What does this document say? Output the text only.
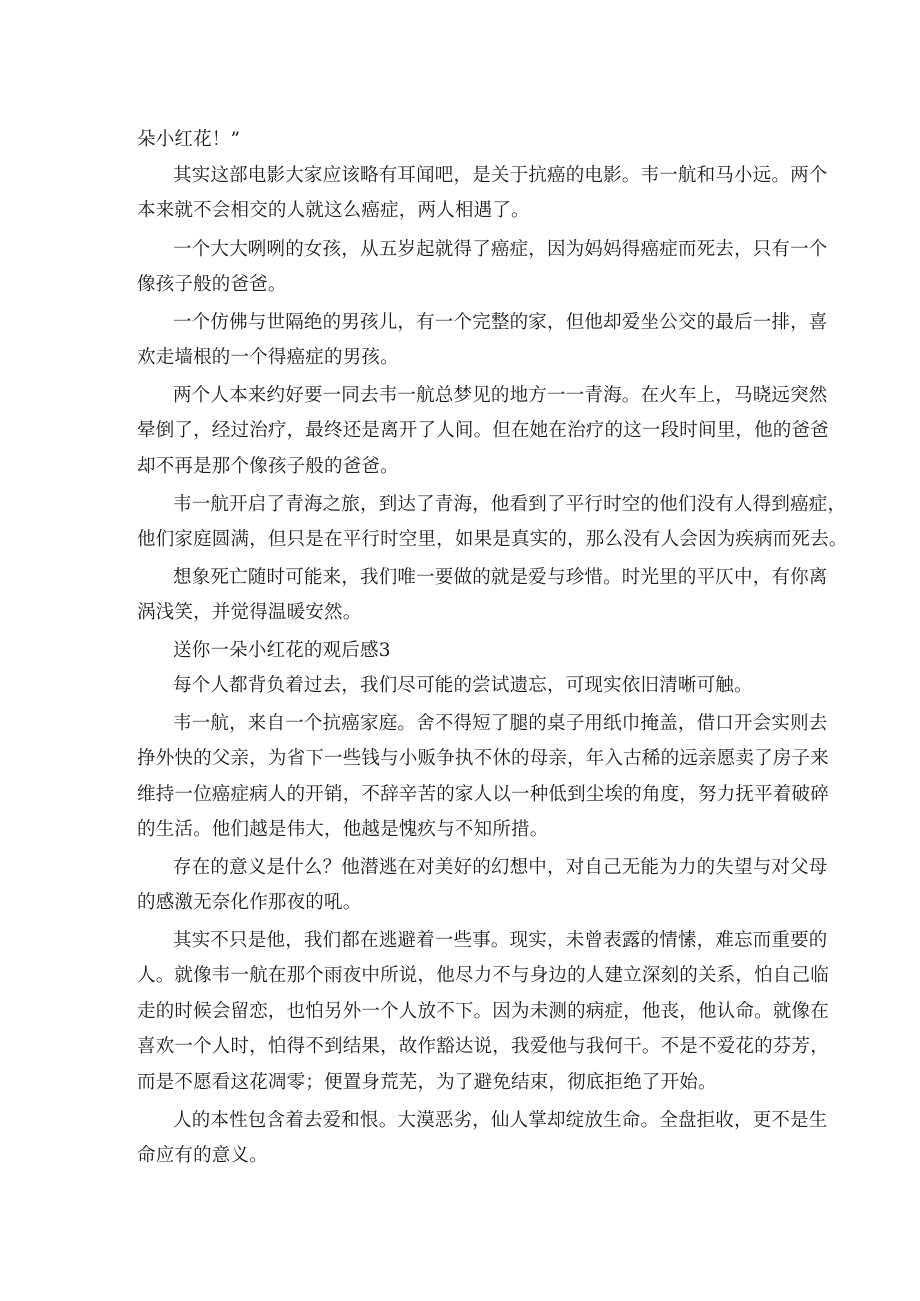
朵小红花！”
其实这部电影大家应该略有耳闻吧，是关于抗癌的电影。韦一航和马小远。两个
本来就不会相交的人就这么癌症，两人相遇了。
一个大大咧咧的女孩，从五岁起就得了癌症，因为妈妈得癌症而死去，只有一个
像孩子般的爸爸。
一个仿佛与世隔绝的男孩儿，有一个完整的家，但他却爱坐公交的最后一排，喜
欢走墙根的一个得癌症的男孩。
两个人本来约好要一同去韦一航总梦见的地方一一青海。在火车上，马晓远突然
晕倒了，经过治疗，最终还是离开了人间。但在她在治疗的这一段时间里，他的爸爸
却不再是那个像孩子般的爸爸。
韦一航开启了青海之旅，到达了青海，他看到了平行时空的他们没有人得到癌症，
他们家庭圆满，但只是在平行时空里，如果是真实的，那么没有人会因为疾病而死去。
想象死亡随时可能来，我们唯一要做的就是爱与珍惜。时光里的平仄中，有你离
涡浅笑，并觉得温暖安然。
送你一朵小红花的观后感3
每个人都背负着过去，我们尽可能的尝试遗忘，可现实依旧清晰可触。
韦一航，来自一个抗癌家庭。舍不得短了腿的桌子用纸巾掩盖，借口开会实则去
挣外快的父亲，为省下一些钱与小贩争执不休的母亲，年入古稀的远亲愿卖了房子来
维持一位癌症病人的开销，不辞辛苦的家人以一种低到尘埃的角度，努力抚平着破碎
的生活。他们越是伟大，他越是愧疚与不知所措。
存在的意义是什么？他潜逃在对美好的幻想中，对自己无能为力的失望与对父母
的感激无奈化作那夜的吼。
其实不只是他，我们都在逃避着一些事。现实，未曾表露的情愫，难忘而重要的
人。就像韦一航在那个雨夜中所说，他尽力不与身边的人建立深刻的关系，怕自己临
走的时候会留恋，也怕另外一个人放不下。因为未测的病症，他丧，他认命。就像在
喜欢一个人时，怕得不到结果，故作豁达说，我爱他与我何干。不是不爱花的芬芳，
而是不愿看这花凋零；便置身荒芜，为了避免结束，彻底拒绝了开始。
人的本性包含着去爱和恨。大漠恶劣，仙人掌却绽放生命。全盘拒收，更不是生
命应有的意义。
